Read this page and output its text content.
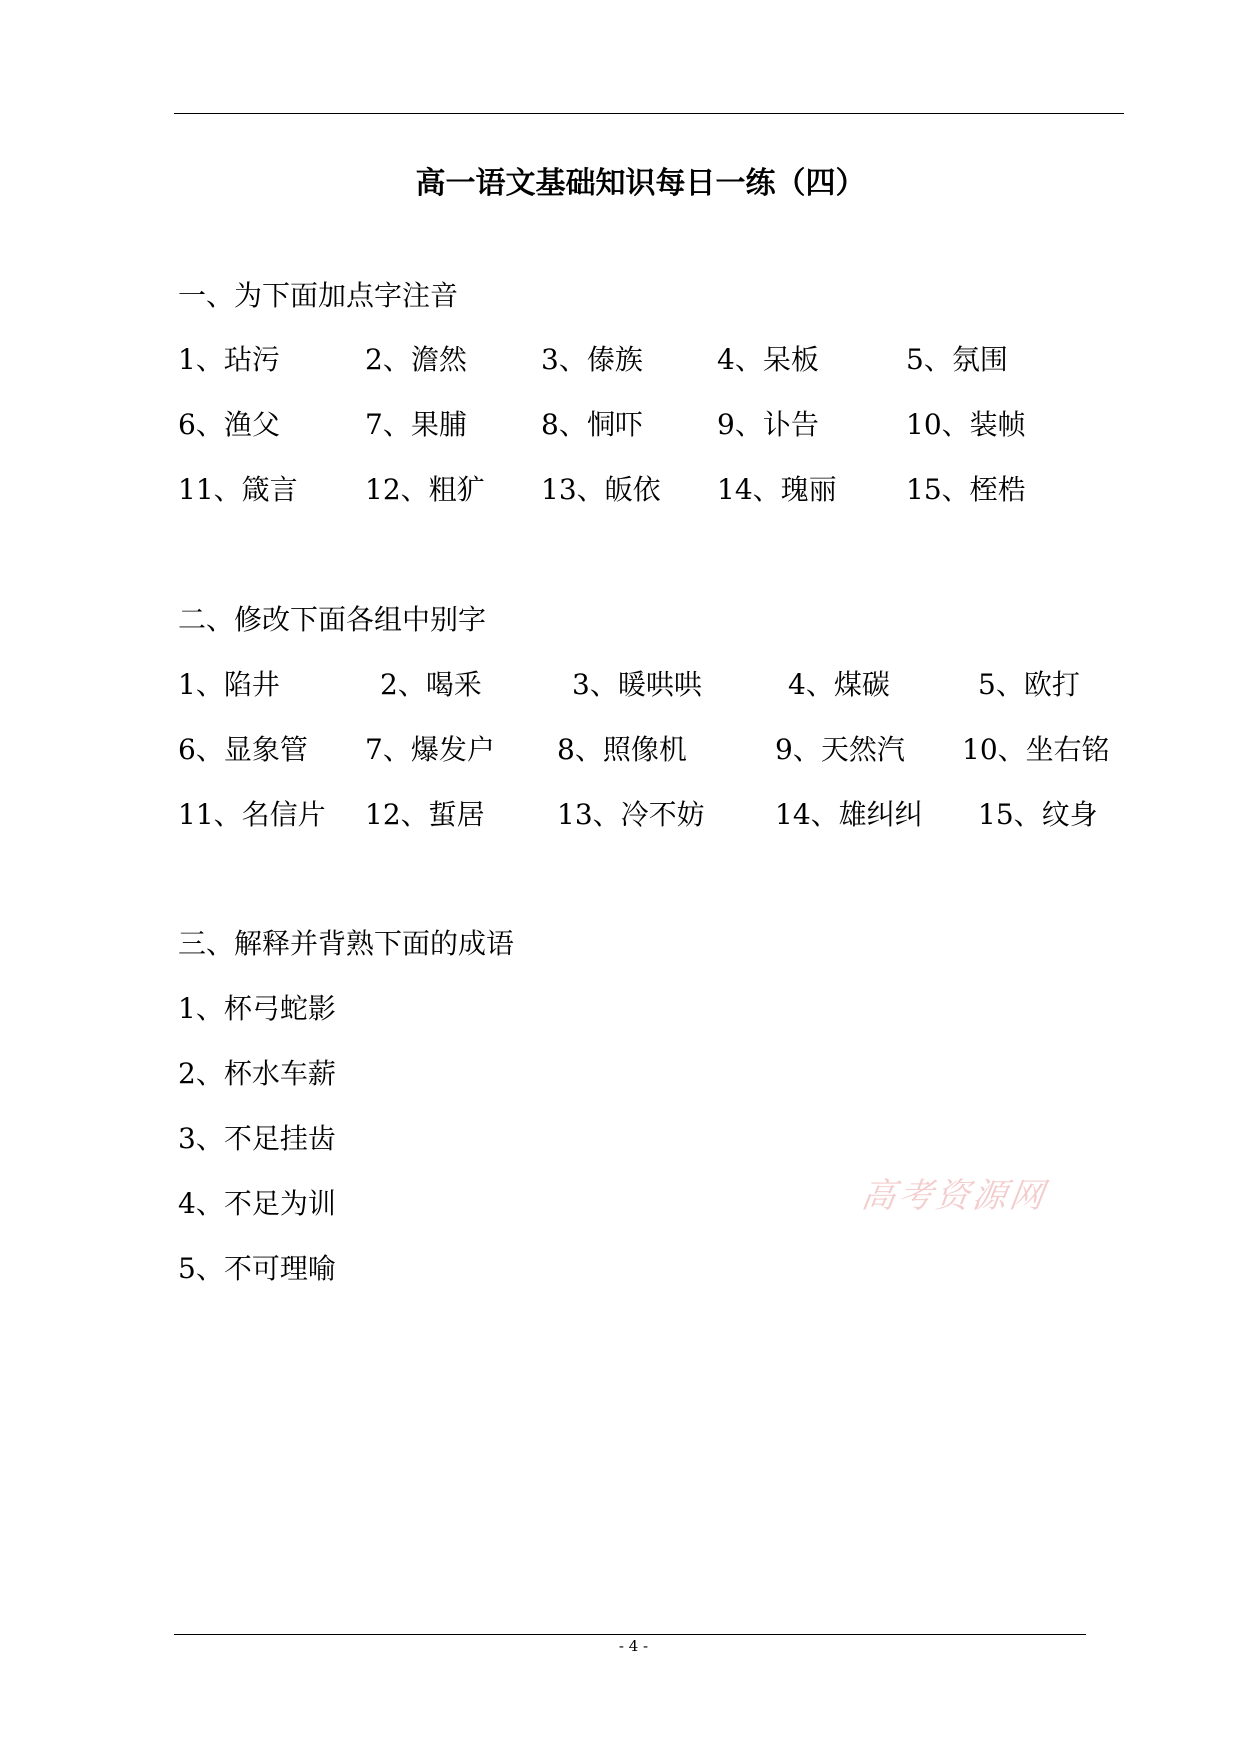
高一语文基础知识每日一练（四）
一、为下面加点字注音
1、玷污	2、澹然	3、傣族	4、呆板	5、氛围
6、渔父	7、果脯	8、恫吓	9、讣告	10、装帧
11、箴言 12、粗犷 13、皈依 14、瑰丽 15、桎梏
二、修改下面各组中别字
1、陷井	2、喝釆	3、暖哄哄	4、煤碳	5、欧打
6、显象管 7、爆发户 8、照像机	9、天然汽 10、坐右铭
11、名信片 12、蜇居	13、冷不妨	14、雄纠纠 15、纹身
三、解释并背熟下面的成语
1、杯弓蛇影
2、杯水车薪
3、不足挂齿
4、不足为训
5、不可理喻
高考资源网
- 4 -
